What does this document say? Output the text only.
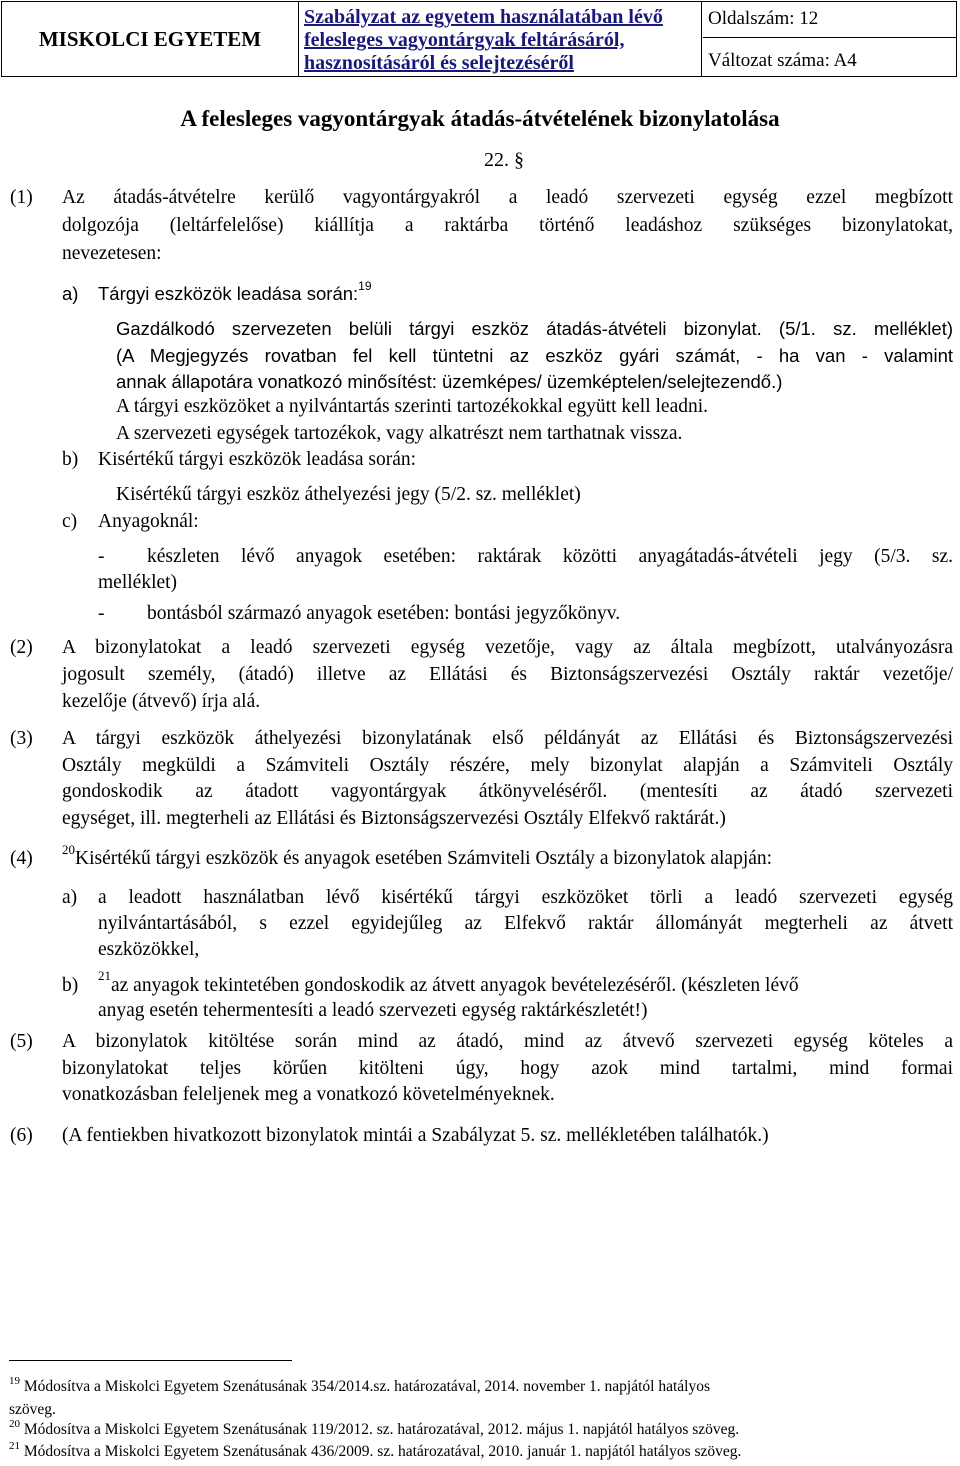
MISKOLCI EGYETEM
Szabályzat az egyetem használatában lévő
felesleges vagyontárgyak feltárásáról,
hasznosításáról és selejtezéséről
Oldalszám: 12
Változat száma: A4
A felesleges vagyontárgyak átadás-átvételének bizonylatolása
22. §
(1) Az átadás-átvételre kerülő vagyontárgyakról a leadó szervezeti egység ezzel megbízott
dolgozója (leltárfelelőse) kiállítja a raktárba történő leadáshoz szükséges bizonylatokat,
nevezetesen:
a) Tárgyi eszközök leadása során:$^{19}$
Gazdálkodó szervezeten belüli tárgyi eszköz átadás-átvételi bizonylat. (5/1. sz. melléklet)
(A Megjegyzés rovatban fel kell tüntetni az eszköz gyári számát, - ha van - valamint
annak állapotára vonatkozó minősítést: üzemképes/ üzemképtelen/selejtezendő.)
A tárgyi eszközöket a nyilvántartás szerinti tartozékokkal együtt kell leadni.
A szervezeti egységek tartozékok, vagy alkatrészt nem tarthatnak vissza.
b) Kisértékű tárgyi eszközök leadása során:
Kisértékű tárgyi eszköz áthelyezési jegy (5/2. sz. melléklet)
c) Anyagoknál:
- készleten lévő anyagok esetében: raktárak közötti anyagátadás-átvételi jegy (5/3. sz.
melléklet)
- bontásból származó anyagok esetében: bontási jegyzőkönyv.
(2) A bizonylatokat a leadó szervezeti egység vezetője, vagy az általa megbízott, utalványozásra
jogosult személy, (átadó) illetve az Ellátási és Biztonságszervezési Osztály raktár vezetője/
kezelője (átvevő) írja alá.
(3) A tárgyi eszközök áthelyezési bizonylatának első példányát az Ellátási és Biztonságszervezési
Osztály megküldi a Számviteli Osztály részére, mely bizonylat alapján a Számviteli Osztály
gondoskodik az átadott vagyontárgyak átkönyveléséről. (mentesíti az átadó szervezeti
egységet, ill. megterheli az Ellátási és Biztonságszervezési Osztály Elfekvő raktárát.)
(4) $^{20}$Kisértékű tárgyi eszközök és anyagok esetében Számviteli Osztály a bizonylatok alapján:
a) a leadott használatban lévő kisértékű tárgyi eszközöket törli a leadó szervezeti egység
nyilvántartásából, s ezzel egyidejűleg az Elfekvő raktár állományát megterheli az átvett
eszközökkel,
b) $^{21}$az anyagok tekintetében gondoskodik az átvett anyagok bevételezéséről. (készleten lévő
anyag esetén tehermentesíti a leadó szervezeti egység raktárkészletét!)
(5) A bizonylatok kitöltése során mind az átadó, mind az átvevő szervezeti egység köteles a
bizonylatokat teljes körűen kitölteni úgy, hogy azok mind tartalmi, mind formai
vonatkozásban feleljenek meg a vonatkozó követelményeknek.
(6) (A fentiekben hivatkozott bizonylatok mintái a Szabályzat 5. sz. mellékletében találhatók.)
$^{19}$ Módosítva a Miskolci Egyetem Szenátusának 354/2014.sz. határozatával, 2014. november 1. napjától hatályos
szöveg.
$^{20}$ Módosítva a Miskolci Egyetem Szenátusának 119/2012. sz. határozatával, 2012. május 1. napjától hatályos szöveg.
$^{21}$ Módosítva a Miskolci Egyetem Szenátusának 436/2009. sz. határozatával, 2010. január 1. napjától hatályos szöveg.
